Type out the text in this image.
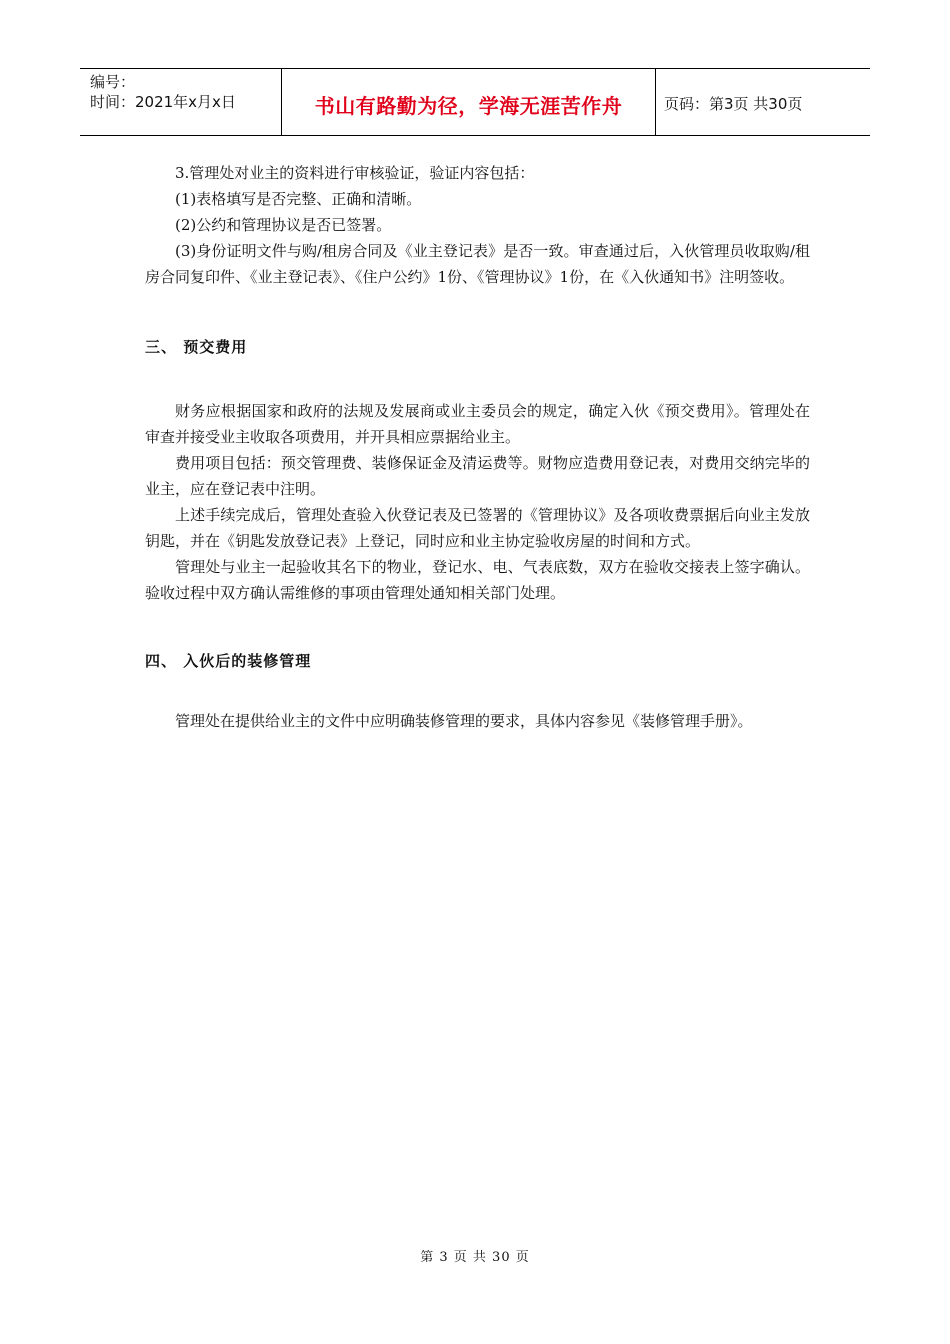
编号：
时间：2021年x月x日	书山有路勤为径，学海无涯苦作舟	页码：第3页 共30页

3.管理处对业主的资料进行审核验证，验证内容包括：

(1)表格填写是否完整、正确和清晰。

(2)公约和管理协议是否已签署。

(3)身份证明文件与购/租房合同及《业主登记表》是否一致。审查通过后，入伙管理员收取购/租房合同复印件、《业主登记表》、《住户公约》1份、《管理协议》1份，在《入伙通知书》注明签收。

三、 预交费用

财务应根据国家和政府的法规及发展商或业主委员会的规定，确定入伙《预交费用》。管理处在审查并接受业主收取各项费用，并开具相应票据给业主。

费用项目包括：预交管理费、装修保证金及清运费等。财物应造费用登记表，对费用交纳完毕的业主，应在登记表中注明。

上述手续完成后，管理处查验入伙登记表及已签署的《管理协议》及各项收费票据后向业主发放钥匙，并在《钥匙发放登记表》上登记，同时应和业主协定验收房屋的时间和方式。

管理处与业主一起验收其名下的物业，登记水、电、气表底数，双方在验收交接表上签字确认。验收过程中双方确认需维修的事项由管理处通知相关部门处理。

四、 入伙后的装修管理

管理处在提供给业主的文件中应明确装修管理的要求，具体内容参见《装修管理手册》。

第 3 页 共 30 页
